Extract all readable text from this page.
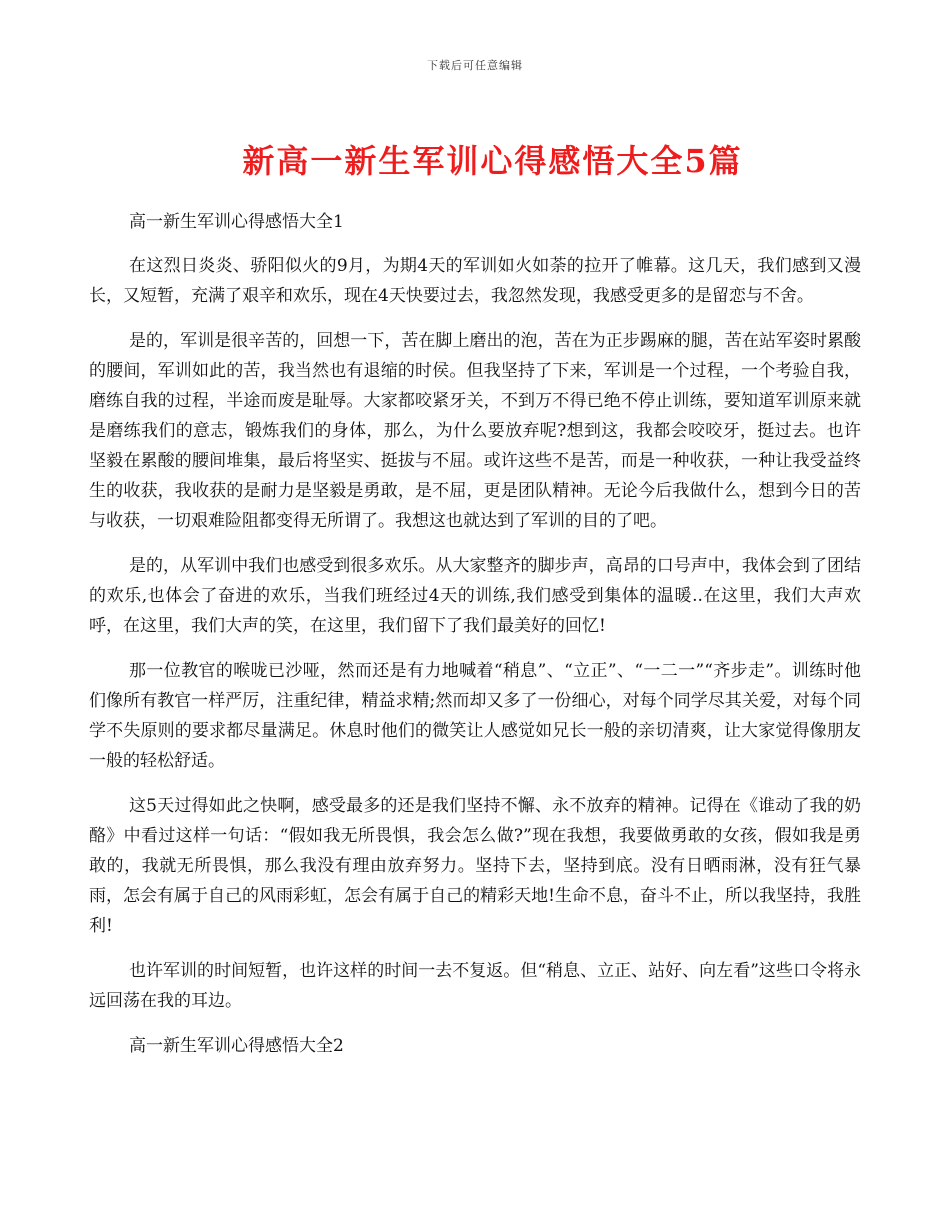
下载后可任意编辑
新高一新生军训心得感悟大全5篇

高一新生军训心得感悟大全1

在这烈日炎炎、骄阳似火的9月，为期4天的军训如火如荼的拉开了帷幕。这几天，我们感到又漫长，又短暂，充满了艰辛和欢乐，现在4天快要过去，我忽然发现，我感受更多的是留恋与不舍。

是的，军训是很辛苦的，回想一下，苦在脚上磨出的泡，苦在为正步踢麻的腿，苦在站军姿时累酸的腰间，军训如此的苦，我当然也有退缩的时侯。但我坚持了下来，军训是一个过程，一个考验自我，磨练自我的过程，半途而废是耻辱。大家都咬紧牙关，不到万不得已绝不停止训练，要知道军训原来就是磨练我们的意志，锻炼我们的身体，那么，为什么要放弃呢?想到这，我都会咬咬牙，挺过去。也许坚毅在累酸的腰间堆集，最后将坚实、挺拔与不屈。或许这些不是苦，而是一种收获，一种让我受益终生的收获，我收获的是耐力是坚毅是勇敢，是不屈，更是团队精神。无论今后我做什么，想到今日的苦与收获，一切艰难险阻都变得无所谓了。我想这也就达到了军训的目的了吧。

是的，从军训中我们也感受到很多欢乐。从大家整齐的脚步声，高昂的口号声中，我体会到了团结的欢乐,也体会了奋进的欢乐，当我们班经过4天的训练,我们感受到集体的温暖..在这里，我们大声欢呼，在这里，我们大声的笑，在这里，我们留下了我们最美好的回忆!

那一位教官的喉咙已沙哑，然而还是有力地喊着“稍息”、“立正”、“一二一”“齐步走”。训练时他们像所有教官一样严厉，注重纪律，精益求精;然而却又多了一份细心，对每个同学尽其关爱，对每个同学不失原则的要求都尽量满足。休息时他们的微笑让人感觉如兄长一般的亲切清爽，让大家觉得像朋友一般的轻松舒适。

这5天过得如此之快啊，感受最多的还是我们坚持不懈、永不放弃的精神。记得在《谁动了我的奶酪》中看过这样一句话：“假如我无所畏惧，我会怎么做?”现在我想，我要做勇敢的女孩，假如我是勇敢的，我就无所畏惧，那么我没有理由放弃努力。坚持下去，坚持到底。没有日晒雨淋，没有狂气暴雨，怎会有属于自己的风雨彩虹，怎会有属于自己的精彩天地!生命不息，奋斗不止，所以我坚持，我胜利!

也许军训的时间短暂，也许这样的时间一去不复返。但“稍息、立正、站好、向左看”这些口令将永远回荡在我的耳边。

高一新生军训心得感悟大全2
